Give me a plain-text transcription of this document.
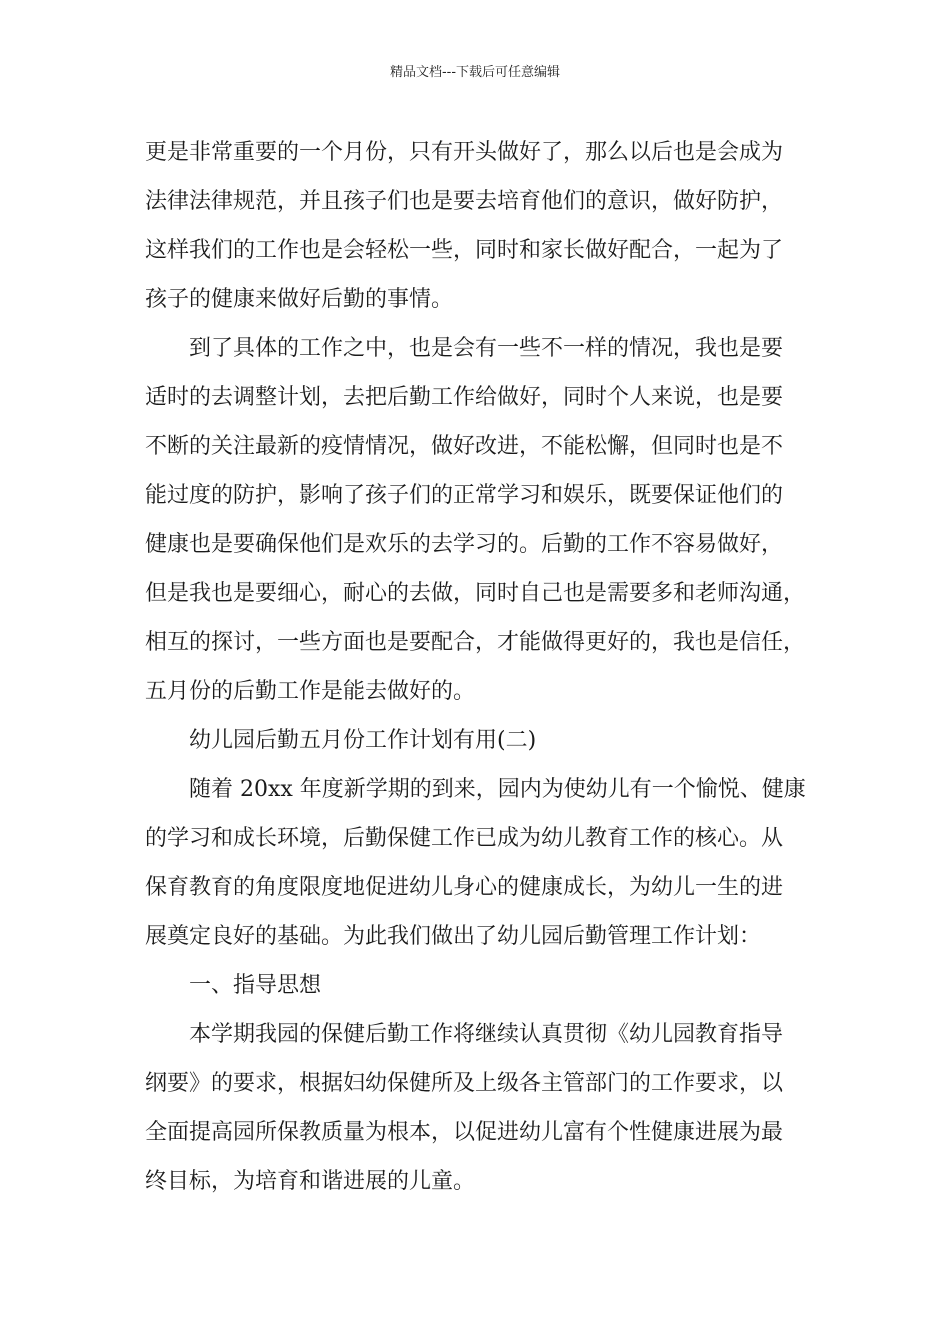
精品文档---下载后可任意编辑
更是非常重要的一个月份，只有开头做好了，那么以后也是会成为
法律法律规范，并且孩子们也是要去培育他们的意识，做好防护，
这样我们的工作也是会轻松一些，同时和家长做好配合，一起为了
孩子的健康来做好后勤的事情。
到了具体的工作之中，也是会有一些不一样的情况，我也是要
适时的去调整计划，去把后勤工作给做好，同时个人来说，也是要
不断的关注最新的疫情情况，做好改进，不能松懈，但同时也是不
能过度的防护，影响了孩子们的正常学习和娱乐，既要保证他们的
健康也是要确保他们是欢乐的去学习的。后勤的工作不容易做好，
但是我也是要细心，耐心的去做，同时自己也是需要多和老师沟通，
相互的探讨，一些方面也是要配合，才能做得更好的，我也是信任，
五月份的后勤工作是能去做好的。
幼儿园后勤五月份工作计划有用(二)
随着 20xx 年度新学期的到来，园内为使幼儿有一个愉悦、健康
的学习和成长环境，后勤保健工作已成为幼儿教育工作的核心。从
保育教育的角度限度地促进幼儿身心的健康成长，为幼儿一生的进
展奠定良好的基础。为此我们做出了幼儿园后勤管理工作计划：
一、指导思想
本学期我园的保健后勤工作将继续认真贯彻《幼儿园教育指导
纲要》的要求，根据妇幼保健所及上级各主管部门的工作要求，以
全面提高园所保教质量为根本，以促进幼儿富有个性健康进展为最
终目标，为培育和谐进展的儿童。
